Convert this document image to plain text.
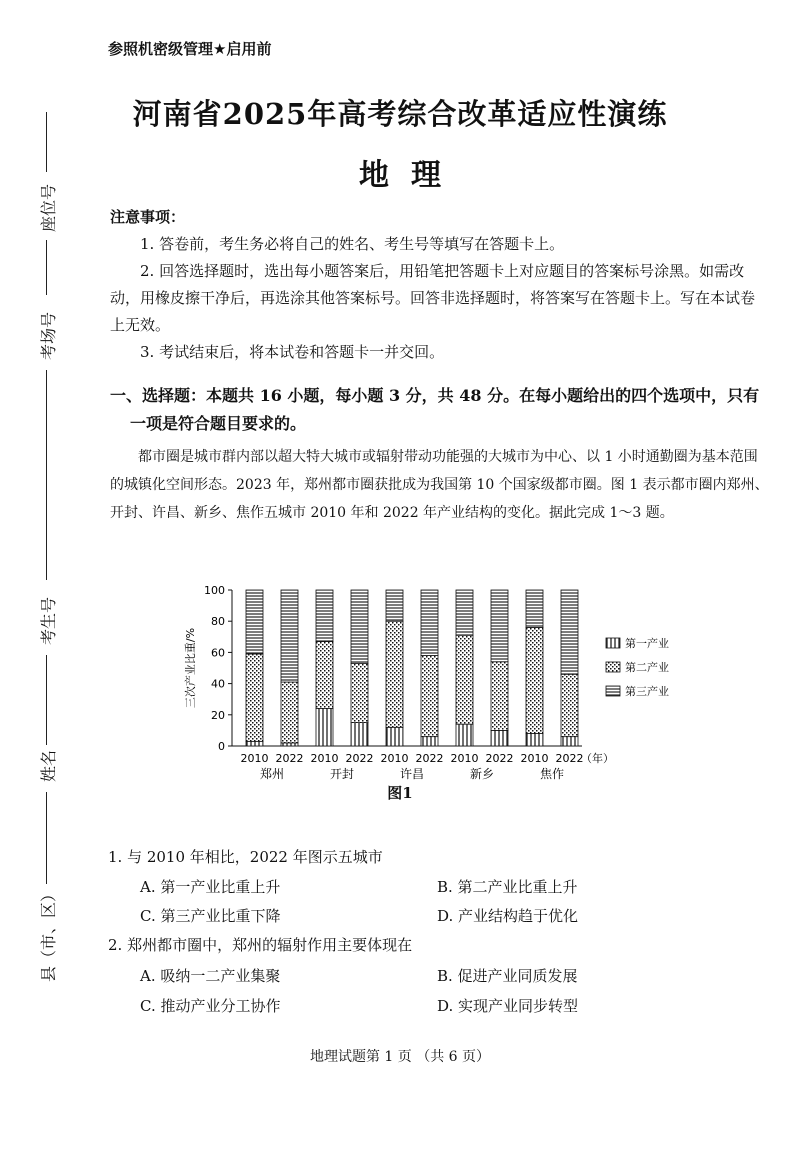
座位号
考场号
考生号
姓名
县（市、区）
参照机密级管理★启用前
河南省2025年高考综合改革适应性演练
地理
注意事项：
1. 答卷前，考生务必将自己的姓名、考生号等填写在答题卡上。
2. 回答选择题时，选出每小题答案后，用铅笔把答题卡上对应题目的答案标号涂黑。如需改动，用橡皮擦干净后，再选涂其他答案标号。回答非选择题时，将答案写在答题卡上。写在本试卷上无效。
3. 考试结束后，将本试卷和答题卡一并交回。
一、选择题：本题共 16 小题，每小题 3 分，共 48 分。在每小题给出的四个选项中，只有
一项是符合题目要求的。
都市圈是城市群内部以超大特大城市或辐射带动功能强的大城市为中心、以 1 小时通勤圈为基本范围的城镇化空间形态。2023 年，郑州都市圈获批成为我国第 10 个国家级都市圈。图 1 表示都市圈内郑州、开封、许昌、新乡、焦作五城市 2010 年和 2022 年产业结构的变化。据此完成 1～3 题。
0
20
40
60
80
100
三次产业比重/%
2010 2022 2010 2022 2010 2022 2010 2022 2010 2022
郑州	开封	许昌	新乡	焦作
（年）
第一产业
第二产业
第三产业
图1
1. 与 2010 年相比，2022 年图示五城市
A. 第一产业比重上升	B. 第二产业比重上升
C. 第三产业比重下降	D. 产业结构趋于优化
2. 郑州都市圈中，郑州的辐射作用主要体现在
A. 吸纳一二产业集聚	B. 促进产业同质发展
C. 推动产业分工协作	D. 实现产业同步转型
地理试题第 1 页 （共 6 页）
